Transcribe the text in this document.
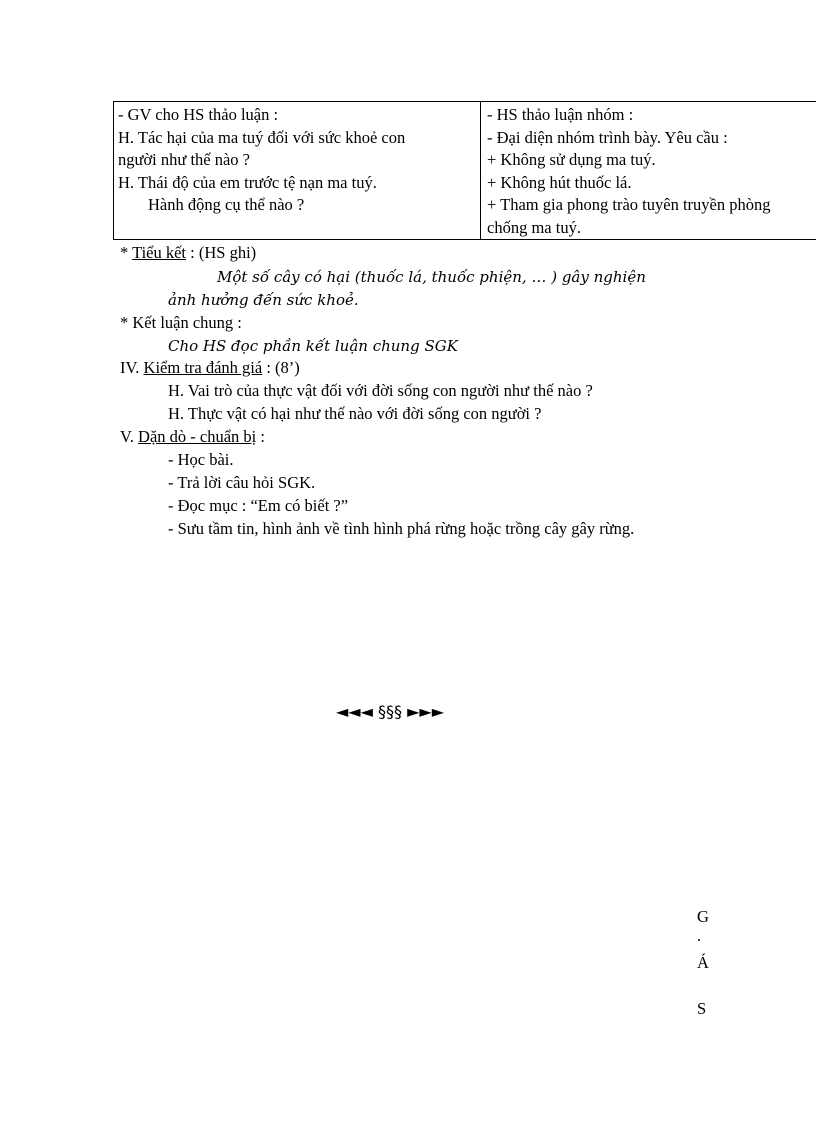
- GV cho HS thảo luận :
H. Tác hại của ma tuý đối với sức khoẻ con
người như thế nào ?
H. Thái độ của em trước tệ nạn ma tuý.
Hành động cụ thể nào ?
- HS thảo luận nhóm :
- Đại diện nhóm trình bày. Yêu cầu :
+ Không sử dụng ma tuý.
+ Không hút thuốc lá.
+ Tham gia phong trào tuyên truyền phòng
chống ma tuý.
* Tiểu kết : (HS ghi)
Một số cây có hại (thuốc lá, thuốc phiện, … ) gây nghiện
ảnh hưởng đến sức khoẻ.
* Kết luận chung :
Cho HS đọc phần kết luận chung SGK
IV. Kiểm tra đánh giá : (8’)
H. Vai trò của thực vật đối với đời sống con người như thế nào ?
H. Thực vật có hại như thế nào với đời sống con người ?
V. Dặn dò - chuẩn bị :
- Học bài.
- Trả lời câu hỏi SGK.
- Đọc mục : “Em có biết ?”
- Sưu tầm tin, hình ảnh về tình hình phá rừng hoặc trồng cây gây rừng.
◄◄◄ §§§ ►►►
G
.
Á
S
